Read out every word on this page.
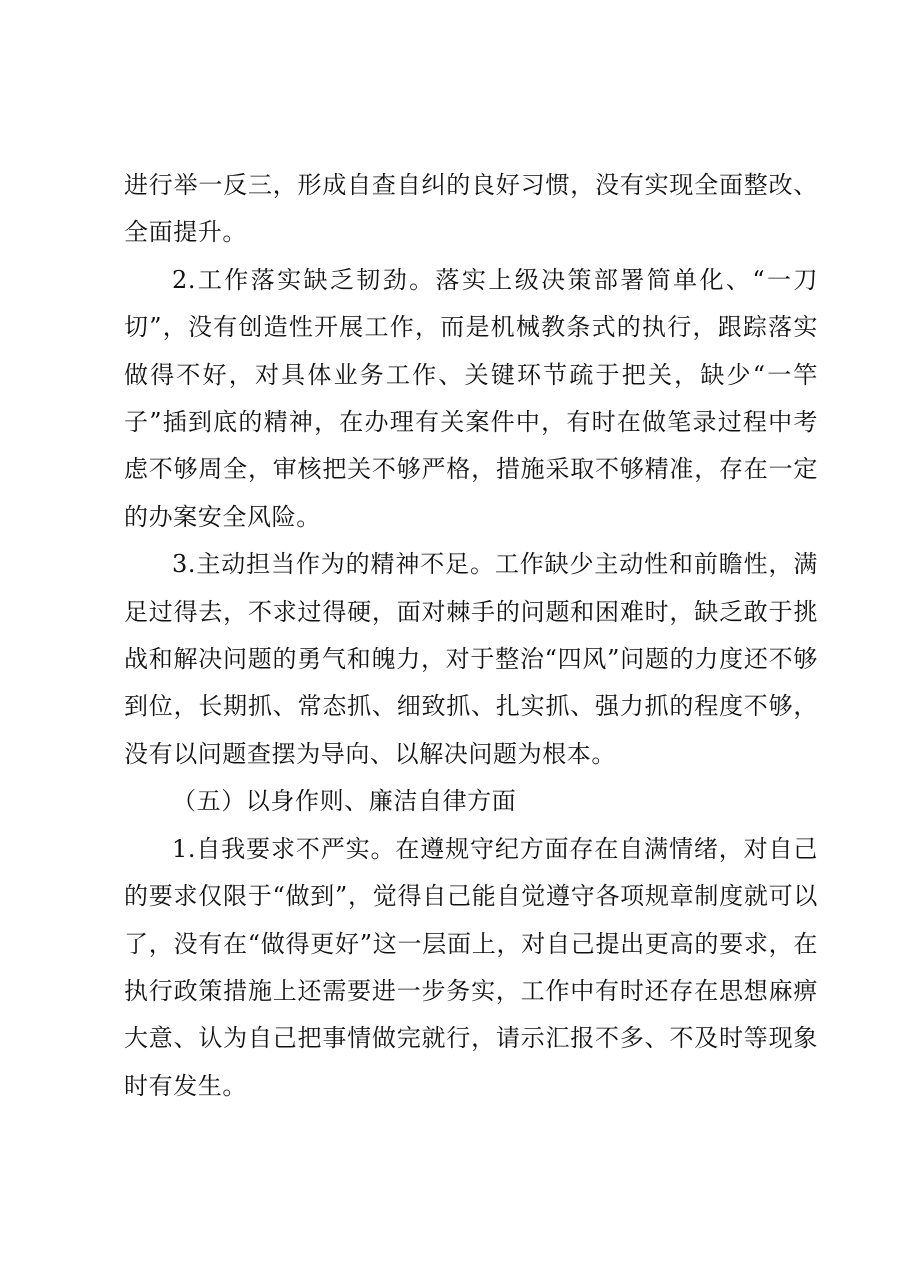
进行举一反三，形成自查自纠的良好习惯，没有实现全面整改、全面提升。

2.工作落实缺乏韧劲。落实上级决策部署简单化、“一刀切”，没有创造性开展工作，而是机械教条式的执行，跟踪落实做得不好，对具体业务工作、关键环节疏于把关，缺少“一竿子”插到底的精神，在办理有关案件中，有时在做笔录过程中考虑不够周全，审核把关不够严格，措施采取不够精准，存在一定的办案安全风险。

3.主动担当作为的精神不足。工作缺少主动性和前瞻性，满足过得去，不求过得硬，面对棘手的问题和困难时，缺乏敢于挑战和解决问题的勇气和魄力，对于整治“四风”问题的力度还不够到位，长期抓、常态抓、细致抓、扎实抓、强力抓的程度不够，没有以问题查摆为导向、以解决问题为根本。

（五）以身作则、廉洁自律方面

1.自我要求不严实。在遵规守纪方面存在自满情绪，对自己的要求仅限于“做到”，觉得自己能自觉遵守各项规章制度就可以了，没有在“做得更好”这一层面上，对自己提出更高的要求，在执行政策措施上还需要进一步务实，工作中有时还存在思想麻痹大意、认为自己把事情做完就行，请示汇报不多、不及时等现象时有发生。
